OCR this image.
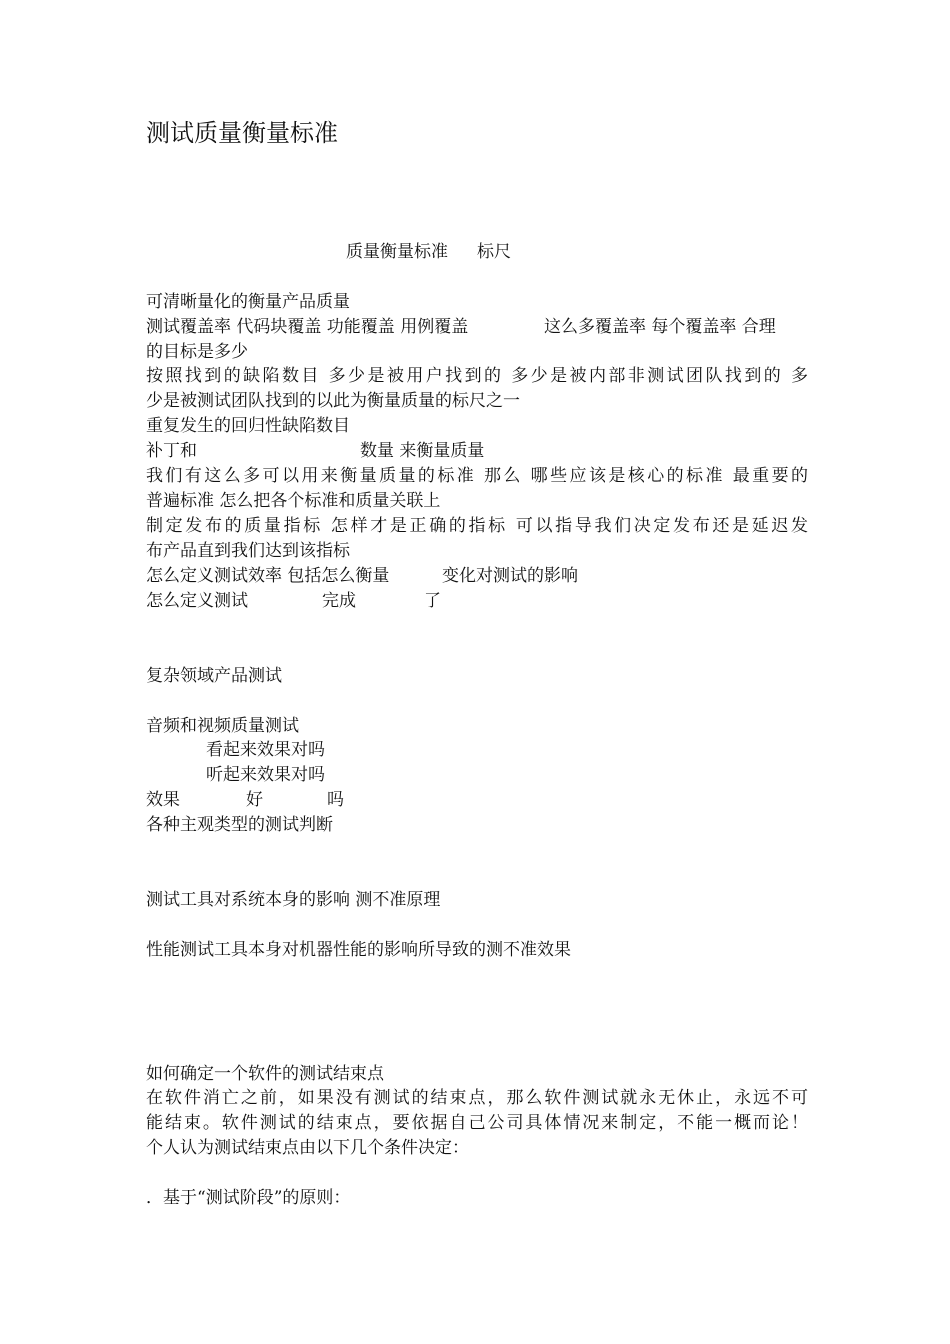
测试质量衡量标准
质量衡量标准 标尺
可清晰量化的衡量产品质量
测试覆盖率 代码块覆盖 功能覆盖 用例覆盖	这么多覆盖率 每个覆盖率 合理
的目标是多少
按照找到的缺陷数目 多少是被用户找到的 多少是被内部非测试团队找到的 多
少是被测试团队找到的以此为衡量质量的标尺之一
重复发生的回归性缺陷数目
补丁和	数量 来衡量质量
我们有这么多可以用来衡量质量的标准 那么 哪些应该是核心的标准 最重要的
普遍标准 怎么把各个标准和质量关联上
制定发布的质量指标 怎样才是正确的指标 可以指导我们决定发布还是延迟发
布产品直到我们达到该指标
怎么定义测试效率 包括怎么衡量	变化对测试的影响
怎么定义测试	完成	了
复杂领域产品测试
音频和视频质量测试
看起来效果对吗
听起来效果对吗
效果	好	吗
各种主观类型的测试判断
测试工具对系统本身的影响 测不准原理
性能测试工具本身对机器性能的影响所导致的测不准效果
如何确定一个软件的测试结束点
在软件消亡之前，如果没有测试的结束点，那么软件测试就永无休止，永远不可
能结束。软件测试的结束点，要依据自己公司具体情况来制定，不能一概而论！
个人认为测试结束点由以下几个条件决定：
．基于“测试阶段”的原则：
